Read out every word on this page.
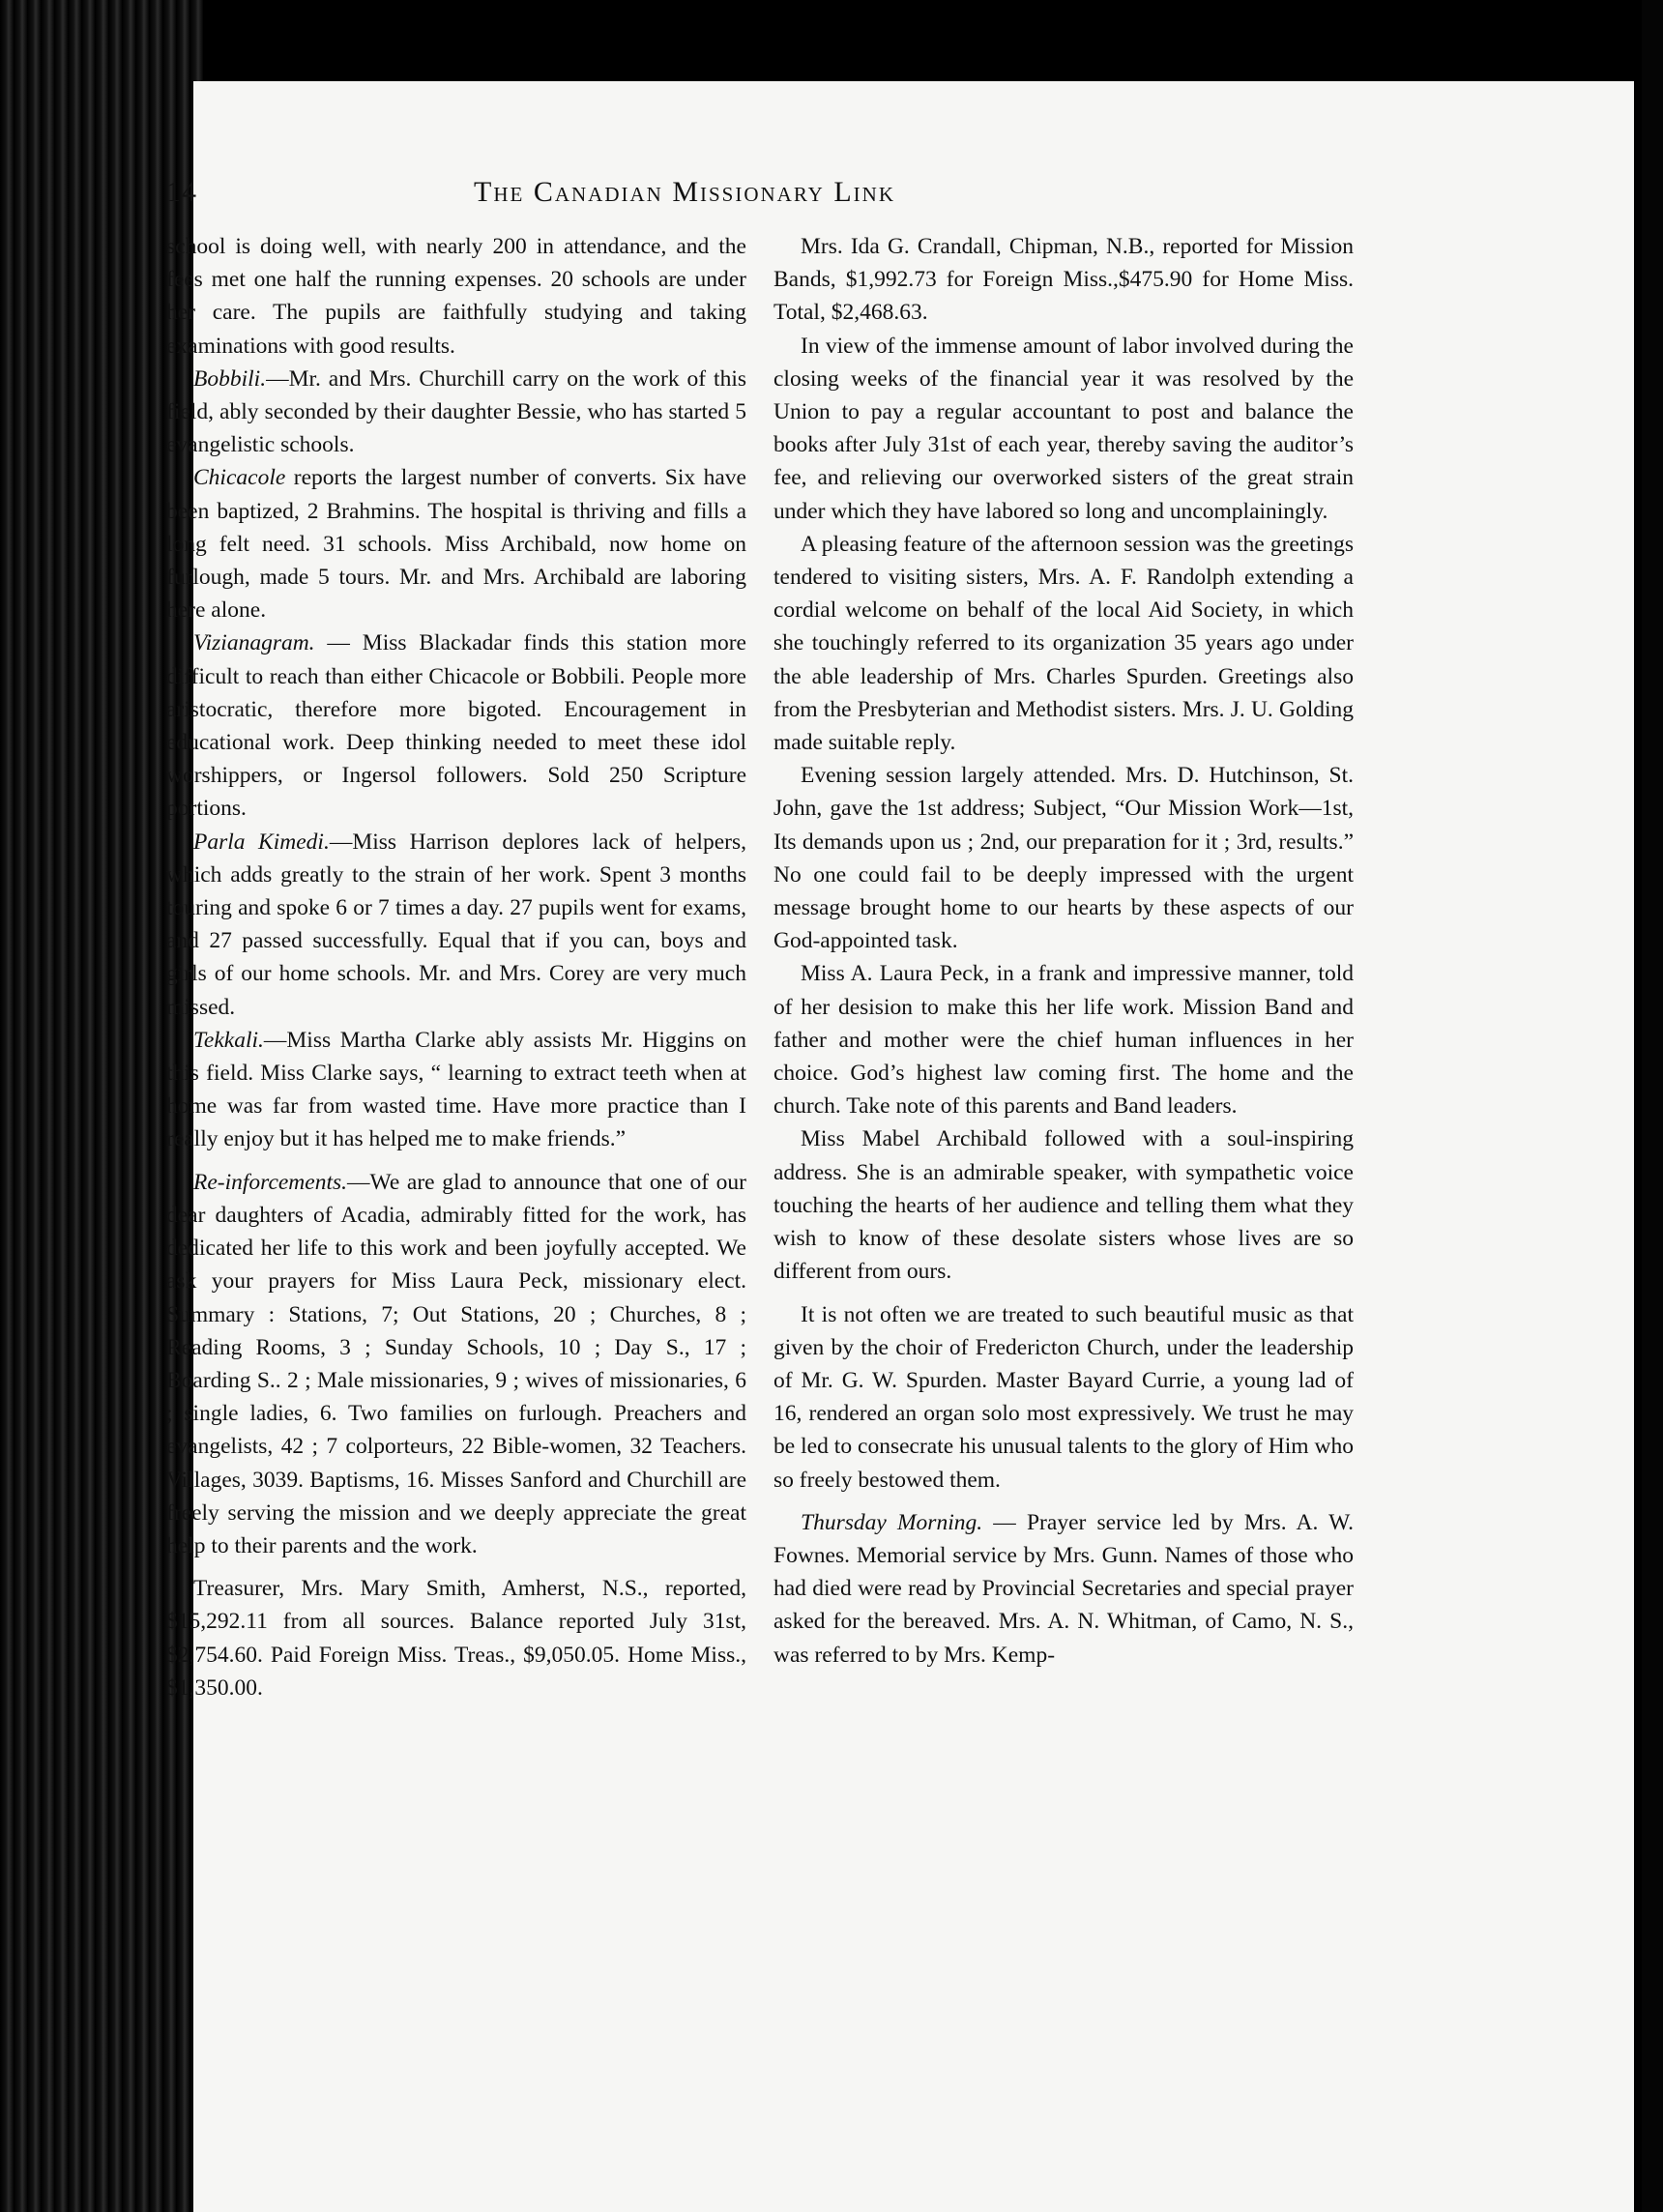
14	The Canadian Missionary Link

school is doing well, with nearly 200 in attendance, and the fees met one half the running expenses. 20 schools are under her care. The pupils are faithfully studying and taking examinations with good results.

Bobbili.—Mr. and Mrs. Churchill carry on the work of this field, ably seconded by their daughter Bessie, who has started 5 evangelistic schools.

Chicacole reports the largest number of converts. Six have been baptized, 2 Brahmins. The hospital is thriving and fills a long felt need. 31 schools. Miss Archibald, now home on furlough, made 5 tours. Mr. and Mrs. Archibald are laboring here alone.

Vizianagram. — Miss Blackadar finds this station more difficult to reach than either Chicacole or Bobbili. People more aristocratic, therefore more bigoted. Encouragement in educational work. Deep thinking needed to meet these idol worshippers, or Ingersol followers. Sold 250 Scripture portions.

Parla Kimedi.—Miss Harrison deplores lack of helpers, which adds greatly to the strain of her work. Spent 3 months touring and spoke 6 or 7 times a day. 27 pupils went for exams, and 27 passed successfully. Equal that if you can, boys and girls of our home schools. Mr. and Mrs. Corey are very much missed.

Tekkali.—Miss Martha Clarke ably assists Mr. Higgins on this field. Miss Clarke says, “ learning to extract teeth when at home was far from wasted time. Have more practice than I really enjoy but it has helped me to make friends.”

Re-inforcements.—We are glad to announce that one of our dear daughters of Acadia, admirably fitted for the work, has dedicated her life to this work and been joyfully accepted. We ask your prayers for Miss Laura Peck, missionary elect. Summary : Stations, 7; Out Stations, 20 ; Churches, 8 ; Reading Rooms, 3 ; Sunday Schools, 10 ; Day S., 17 ; Boarding S.. 2 ; Male missionaries, 9 ; wives of missionaries, 6 ; single ladies, 6. Two families on furlough. Preachers and evangelists, 42 ; 7 colporteurs, 22 Bible-women, 32 Teachers. Villages, 3039. Baptisms, 16. Misses Sanford and Churchill are freely serving the mission and we deeply appreciate the great help to their parents and the work.

Treasurer, Mrs. Mary Smith, Amherst, N.S., reported, $15,292.11 from all sources. Balance reported July 31st, $2,754.60. Paid Foreign Miss. Treas., $9,050.05. Home Miss., $1,350.00.

Mrs. Ida G. Crandall, Chipman, N.B., reported for Mission Bands, $1,992.73 for Foreign Miss.,$475.90 for Home Miss. Total, $2,468.63.

In view of the immense amount of labor involved during the closing weeks of the financial year it was resolved by the Union to pay a regular accountant to post and balance the books after July 31st of each year, thereby saving the auditor’s fee, and relieving our overworked sisters of the great strain under which they have labored so long and uncomplainingly.

A pleasing feature of the afternoon session was the greetings tendered to visiting sisters, Mrs. A. F. Randolph extending a cordial welcome on behalf of the local Aid Society, in which she touchingly referred to its organization 35 years ago under the able leadership of Mrs. Charles Spurden. Greetings also from the Presbyterian and Methodist sisters. Mrs. J. U. Golding made suitable reply.

Evening session largely attended. Mrs. D. Hutchinson, St. John, gave the 1st address; Subject, “Our Mission Work—1st, Its demands upon us ; 2nd, our preparation for it ; 3rd, results.” No one could fail to be deeply impressed with the urgent message brought home to our hearts by these aspects of our God-appointed task.

Miss A. Laura Peck, in a frank and impressive manner, told of her desision to make this her life work. Mission Band and father and mother were the chief human influences in her choice. God’s highest law coming first. The home and the church. Take note of this parents and Band leaders.

Miss Mabel Archibald followed with a soul-inspiring address. She is an admirable speaker, with sympathetic voice touching the hearts of her audience and telling them what they wish to know of these desolate sisters whose lives are so different from ours.

It is not often we are treated to such beautiful music as that given by the choir of Fredericton Church, under the leadership of Mr. G. W. Spurden. Master Bayard Currie, a young lad of 16, rendered an organ solo most expressively. We trust he may be led to consecrate his unusual talents to the glory of Him who so freely bestowed them.

Thursday Morning. — Prayer service led by Mrs. A. W. Fownes. Memorial service by Mrs. Gunn. Names of those who had died were read by Provincial Secretaries and special prayer asked for the bereaved. Mrs. A. N. Whitman, of Camo, N. S., was referred to by Mrs. Kemp-
